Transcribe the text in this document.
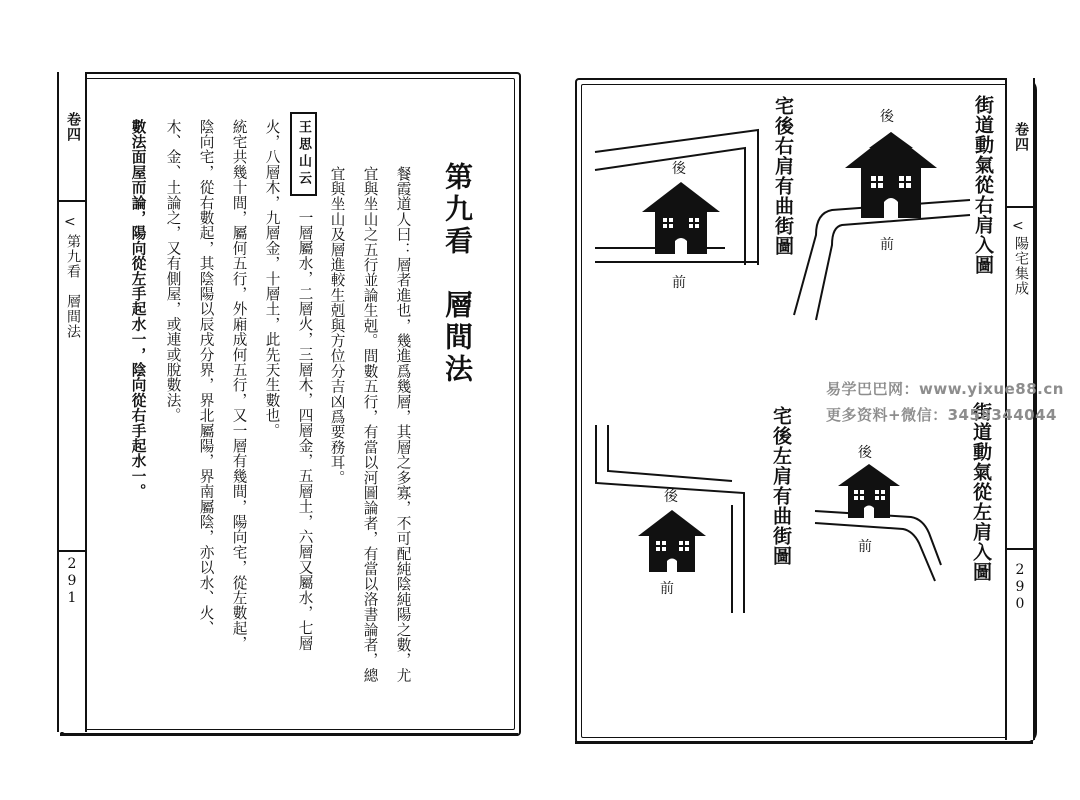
卷四
<
第九看　層間法
291
第九看　層間法
餐霞道人曰：層者進也，幾進爲幾層，其層之多寡，不可配純陰純陽之數，尤
宜與坐山之五行並論生剋。間數五行，有當以河圖論者，有當以洛書論者，總
宜與坐山及層進較生剋與方位分吉凶爲要務耳。
王思山云
一層屬水，二層火，三層木，四層金，五層土，六層又屬水，七層
火，八層木，九層金，十層土，此先天生數也。
統宅共幾十間，屬何五行，外廂成何五行，又一層有幾間，陽向宅，從左數起，
陰向宅，從右數起，其陰陽以辰戌分界，界北屬陽，界南屬陰，亦以水、火、
木、金、土論之，又有側屋，或連或脫數法。
數法面屋而論，陽向從左手起水一，陰向從右手起水一。	卷四
<
陽宅集成
290
街道動氣從右肩入圖
後
前
宅後右肩有曲街圖
後
前
街道動氣從左肩入圖
後
前
宅後左肩有曲街圖
後
前
易学巴巴网：www.yixue88.cn
更多资料+微信：3458344044
